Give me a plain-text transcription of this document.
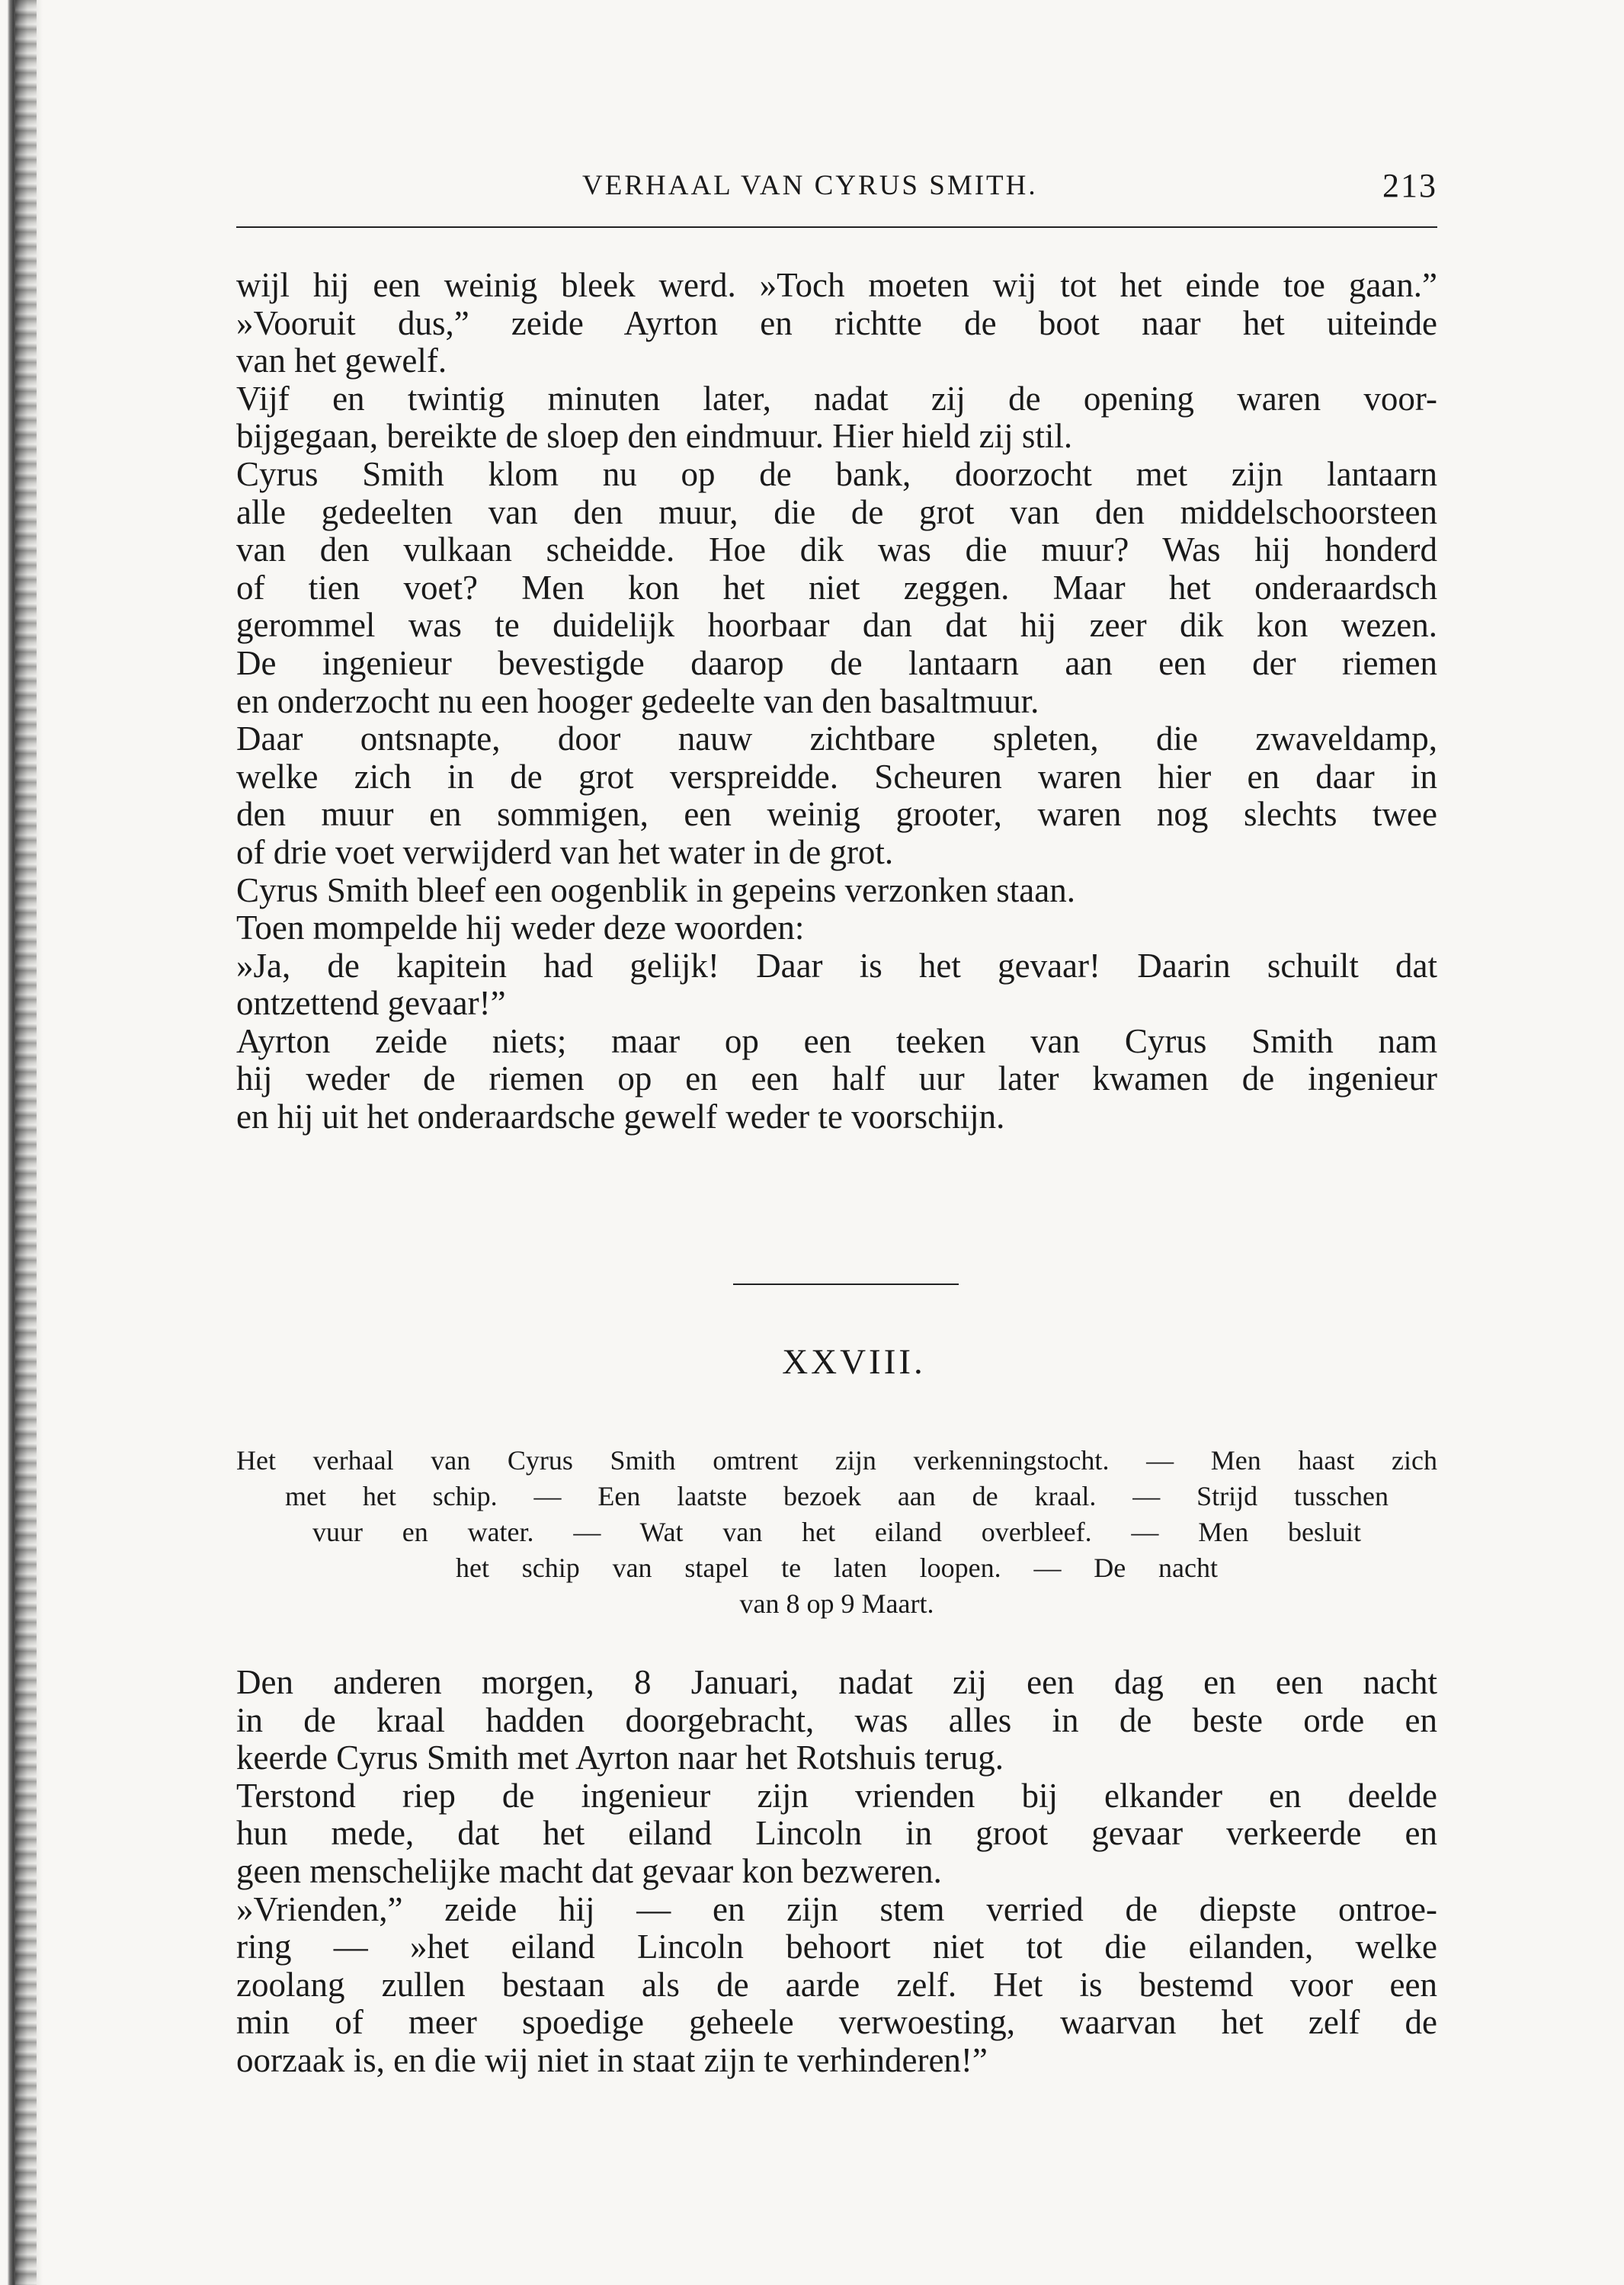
VERHAAL VAN CYRUS SMITH.	213
wijl hij een weinig bleek werd. »Toch moeten wij tot het einde toe gaan.”
»Vooruit dus,” zeide Ayrton en richtte de boot naar het uiteinde
van het gewelf.
Vijf en twintig minuten later, nadat zij de opening waren voor-
bijgegaan, bereikte de sloep den eindmuur. Hier hield zij stil.
Cyrus Smith klom nu op de bank, doorzocht met zijn lantaarn
alle gedeelten van den muur, die de grot van den middelschoorsteen
van den vulkaan scheidde. Hoe dik was die muur? Was hij honderd
of tien voet? Men kon het niet zeggen. Maar het onderaardsch
gerommel was te duidelijk hoorbaar dan dat hij zeer dik kon wezen.
De ingenieur bevestigde daarop de lantaarn aan een der riemen
en onderzocht nu een hooger gedeelte van den basaltmuur.
Daar ontsnapte, door nauw zichtbare spleten, die zwaveldamp,
welke zich in de grot verspreidde. Scheuren waren hier en daar in
den muur en sommigen, een weinig grooter, waren nog slechts twee
of drie voet verwijderd van het water in de grot.
Cyrus Smith bleef een oogenblik in gepeins verzonken staan.
Toen mompelde hij weder deze woorden:
»Ja, de kapitein had gelijk! Daar is het gevaar! Daarin schuilt dat
ontzettend gevaar!”
Ayrton zeide niets; maar op een teeken van Cyrus Smith nam
hij weder de riemen op en een half uur later kwamen de ingenieur
en hij uit het onderaardsche gewelf weder te voorschijn.
XXVIII.
Het verhaal van Cyrus Smith omtrent zijn verkenningstocht. — Men haast zich
met het schip. — Een laatste bezoek aan de kraal. — Strijd tusschen
vuur en water. — Wat van het eiland overbleef. — Men besluit
het schip van stapel te laten loopen. — De nacht
van 8 op 9 Maart.
Den anderen morgen, 8 Januari, nadat zij een dag en een nacht
in de kraal hadden doorgebracht, was alles in de beste orde en
keerde Cyrus Smith met Ayrton naar het Rotshuis terug.
Terstond riep de ingenieur zijn vrienden bij elkander en deelde
hun mede, dat het eiland Lincoln in groot gevaar verkeerde en
geen menschelijke macht dat gevaar kon bezweren.
»Vrienden,” zeide hij — en zijn stem verried de diepste ontroe-
ring — »het eiland Lincoln behoort niet tot die eilanden, welke
zoolang zullen bestaan als de aarde zelf. Het is bestemd voor een
min of meer spoedige geheele verwoesting, waarvan het zelf de
oorzaak is, en die wij niet in staat zijn te verhinderen!”
